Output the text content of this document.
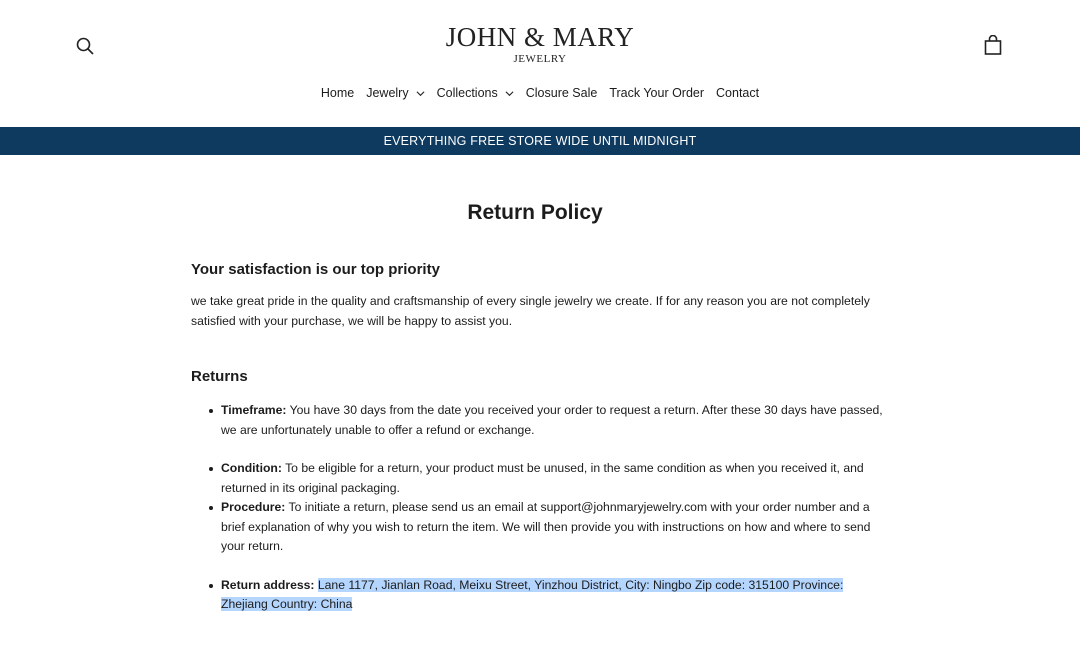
JOHN & MARY
JEWELRY
Home Jewelry Collections Closure Sale Track Your Order Contact
EVERYTHING FREE STORE WIDE UNTIL MIDNIGHT
Return Policy
Your satisfaction is our top priority

we take great pride in the quality and craftsmanship of every single jewelry we create. If for any reason you are not completely satisfied with your purchase, we will be happy to assist you.

Returns
Timeframe: You have 30 days from the date you received your order to request a return. After these 30 days have passed, we are unfortunately unable to offer a refund or exchange.
Condition: To be eligible for a return, your product must be unused, in the same condition as when you received it, and returned in its original packaging.
Procedure: To initiate a return, please send us an email at support@johnmaryjewelry.com with your order number and a brief explanation of why you wish to return the item. We will then provide you with instructions on how and where to send your return.
Return address: Lane 1177, Jianlan Road, Meixu Street, Yinzhou District, City: Ningbo Zip code: 315100 Province: Zhejiang Country: China
